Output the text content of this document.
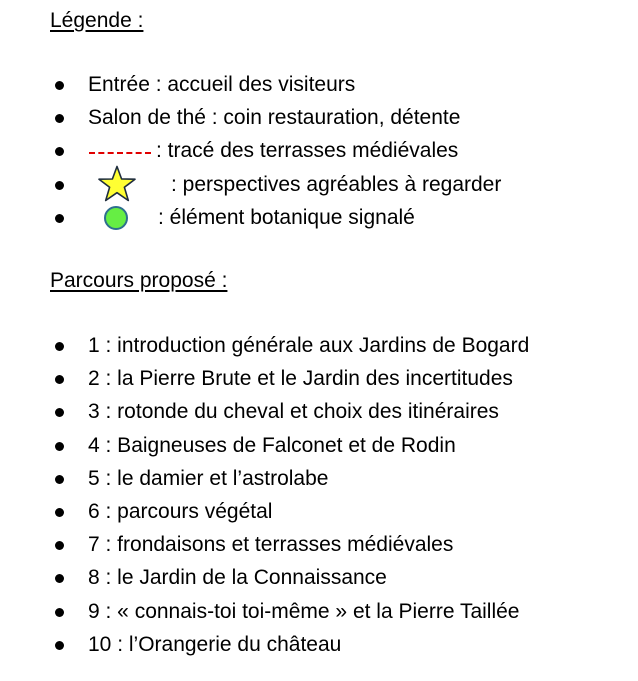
Légende :
Entrée : accueil des visiteurs
Salon de thé : coin restauration, détente
: tracé des terrasses médiévales
: perspectives agréables à regarder
: élément botanique signalé
Parcours proposé :
1 : introduction générale aux Jardins de Bogard
2 : la Pierre Brute et le Jardin des incertitudes
3 : rotonde du cheval et choix des itinéraires
4 : Baigneuses de Falconet et de Rodin
5 : le damier et l’astrolabe
6 : parcours végétal
7 : frondaisons et terrasses médiévales
8 : le Jardin de la Connaissance
9 : « connais-toi toi-même » et la Pierre Taillée
10 : l’Orangerie du château
